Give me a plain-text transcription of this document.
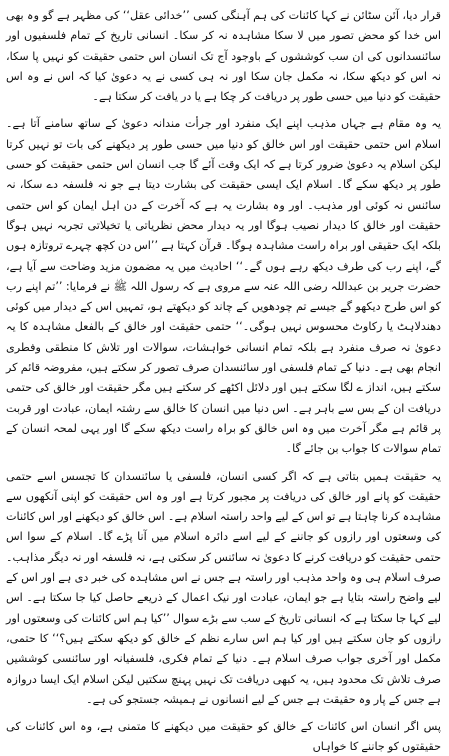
قرار دیا، آئن سٹائن نے کہا کائنات کی ہم آہنگی کسی ’’خدائی عقل‘‘ کی مظہر ہے گو وہ بھی اس خدا کو محض تصور میں لا سکا مشاہدہ نہ کر سکا۔ انسانی تاریخ کے تمام فلسفیوں اور سائنسدانوں کی ان سب کوششوں کے باوجود آج تک انسان اس حتمی حقیقت کو نہیں پا سکا، نہ اس کو دیکھ سکا، نہ مکمل جان سکا اور نہ ہی کسی نے یہ دعویٰ کیا کہ اس نے وہ اس حقیقت کو دنیا میں حسی طور پر دریافت کر چکا ہے یا در یافت کر سکتا ہے۔

یہ وہ مقام ہے جہاں مذہب اپنے ایک منفرد اور جرأت مندانہ دعویٰ کے ساتھ سامنے آتا ہے۔ اسلام اس حتمی حقیقت اور اس خالق کو دنیا میں حسی طور پر دیکھنے کی بات تو نہیں کرتا لیکن اسلام یہ دعویٰ ضرور کرتا ہے کہ ایک وقت آئے گا جب انسان اس حتمی حقیقت کو حسی طور پر دیکھ سکے گا۔ اسلام ایک ایسی حقیقت کی بشارت دیتا ہے جو نہ فلسفہ دے سکا، نہ سائنس نہ کوئی اور مذہب۔ اور وہ بشارت یہ ہے کہ آخرت کے دن اہل ایمان کو اس حتمی حقیقت اور خالق کا دیدار نصیب ہوگا اور یہ دیدار محض نظریاتی یا تخیلاتی تجربہ نہیں ہوگا بلکہ ایک حقیقی اور براہ راست مشاہدہ ہوگا۔ قرآن کہتا ہے ’’اس دن کچھ چہرے تروتازہ ہوں گے، اپنے رب کی طرف دیکھ رہے ہوں گے۔‘‘ احادیث میں یہ مضمون مزید وضاحت سے آیا ہے، حضرت جریر بن عبداللہ رضی اللہ عنہ سے مروی ہے کہ رسول اللہ ﷺ نے فرمایا: ’’تم اپنے رب کو اس طرح دیکھو گے جیسے تم چودھویں کے چاند کو دیکھتے ہو، تمہیں اس کے دیدار میں کوئی دھندلاہٹ یا رکاوٹ محسوس نہیں ہوگی۔‘‘ حتمی حقیقت اور خالق کے بالفعل مشاہدہ کا یہ دعویٰ نہ صرف منفرد ہے بلکہ تمام انسانی خواہشات، سوالات اور تلاش کا منطقی وفطری انجام بھی ہے۔ دنیا کے تمام فلسفی اور سائنسدان صرف تصور کر سکتے ہیں، مفروضہ قائم کر سکتے ہیں، انداز ے لگا سکتے ہیں اور دلائل اکٹھے کر سکتے ہیں مگر حقیقت اور خالق کی حتمی دریافت ان کے بس سے باہر ہے۔ اس دنیا میں انسان کا خالق سے رشتہ ایمان، عبادت اور قربت پر قائم ہے مگر آخرت میں وہ اس خالق کو براہ راست دیکھ سکے گا اور یہی لمحہ انسان کے تمام سوالات کا جواب بن جائے گا۔

یہ حقیقت ہمیں بتاتی ہے کہ اگر کسی انسان، فلسفی یا سائنسدان کا تجسس اسے حتمی حقیقت کو پانے اور خالق کی دریافت پر مجبور کرتا ہے اور وہ اس حقیقت کو اپنی آنکھوں سے مشاہدہ کرنا چاہتا ہے تو اس کے لیے واحد راستہ اسلام ہے۔ اس خالق کو دیکھنے اور اس کائنات کی وسعتوں اور رازوں کو جاننے کے لیے اسے دائرہ اسلام میں آنا پڑے گا۔ اسلام کے سوا اس حتمی حقیقت کو دریافت کرنے کا دعویٰ نہ سائنس کر سکتی ہے، نہ فلسفہ اور نہ دیگر مذاہب۔ صرف اسلام ہی وہ واحد مذہب اور راستہ ہے جس نے اس مشاہدہ کی خبر دی ہے اور اس کے لیے واضح راستہ بتایا ہے جو ایمان، عبادت اور نیک اعمال کے ذریعے حاصل کیا جا سکتا ہے۔ اس لیے کہا جا سکتا ہے کہ انسانی تاریخ کے سب سے بڑے سوال ’’کیا ہم اس کائنات کی وسعتوں اور رازوں کو جان سکتے ہیں اور کیا ہم اس سارے نظم کے خالق کو دیکھ سکتے ہیں؟‘‘ کا حتمی، مکمل اور آخری جواب صرف اسلام ہے۔ دنیا کے تمام فکری، فلسفیانہ اور سائنسی کوششیں صرف تلاش تک محدود ہیں، یہ کبھی دریافت تک نہیں پہنچ سکتیں لیکن اسلام ایک ایسا دروازہ ہے جس کے پار وہ حقیقت ہے جس کے لیے انسانوں نے ہمیشہ جستجو کی ہے۔

پس اگر انسان اس کائنات کے خالق کو حقیقت میں دیکھنے کا متمنی ہے، وہ اس کائنات کی حقیقتوں کو جاننے کا خواہاں
